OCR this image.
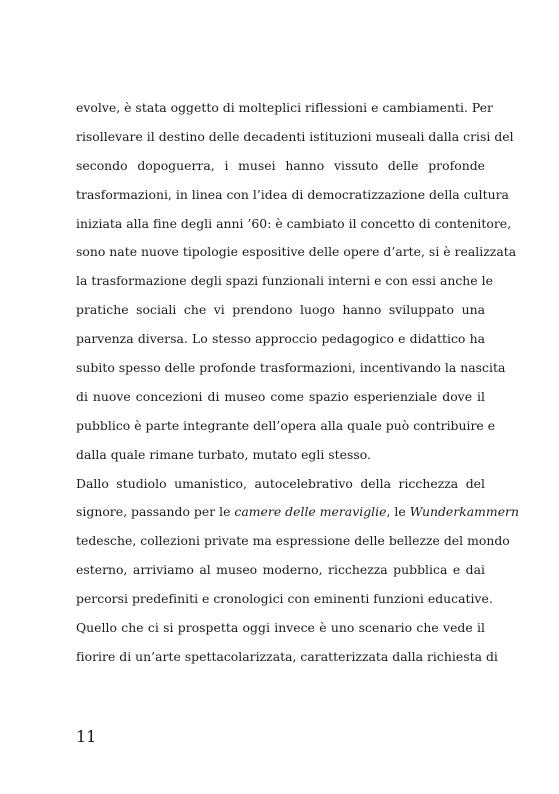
evolve, è stata oggetto di molteplici riflessioni e cambiamenti. Per
risollevare il destino delle decadenti istituzioni museali dalla crisi del
secondo dopoguerra, i musei hanno vissuto delle profonde
trasformazioni, in linea con l’idea di democratizzazione della cultura
iniziata alla fine degli anni ’60: è cambiato il concetto di contenitore,
sono nate nuove tipologie espositive delle opere d’arte, si è realizzata
la trasformazione degli spazi funzionali interni e con essi anche le
pratiche sociali che vi prendono luogo hanno sviluppato una
parvenza diversa. Lo stesso approccio pedagogico e didattico ha
subito spesso delle profonde trasformazioni, incentivando la nascita
di nuove concezioni di museo come spazio esperienziale dove il
pubblico è parte integrante dell’opera alla quale può contribuire e
dalla quale rimane turbato, mutato egli stesso.
Dallo studiolo umanistico, autocelebrativo della ricchezza del
signore, passando per le camere delle meraviglie, le Wunderkammern
tedesche, collezioni private ma espressione delle bellezze del mondo
esterno, arriviamo al museo moderno, ricchezza pubblica e dai
percorsi predefiniti e cronologici con eminenti funzioni educative.
Quello che ci si prospetta oggi invece è uno scenario che vede il
fiorire di un’arte spettacolarizzata, caratterizzata dalla richiesta di
11
